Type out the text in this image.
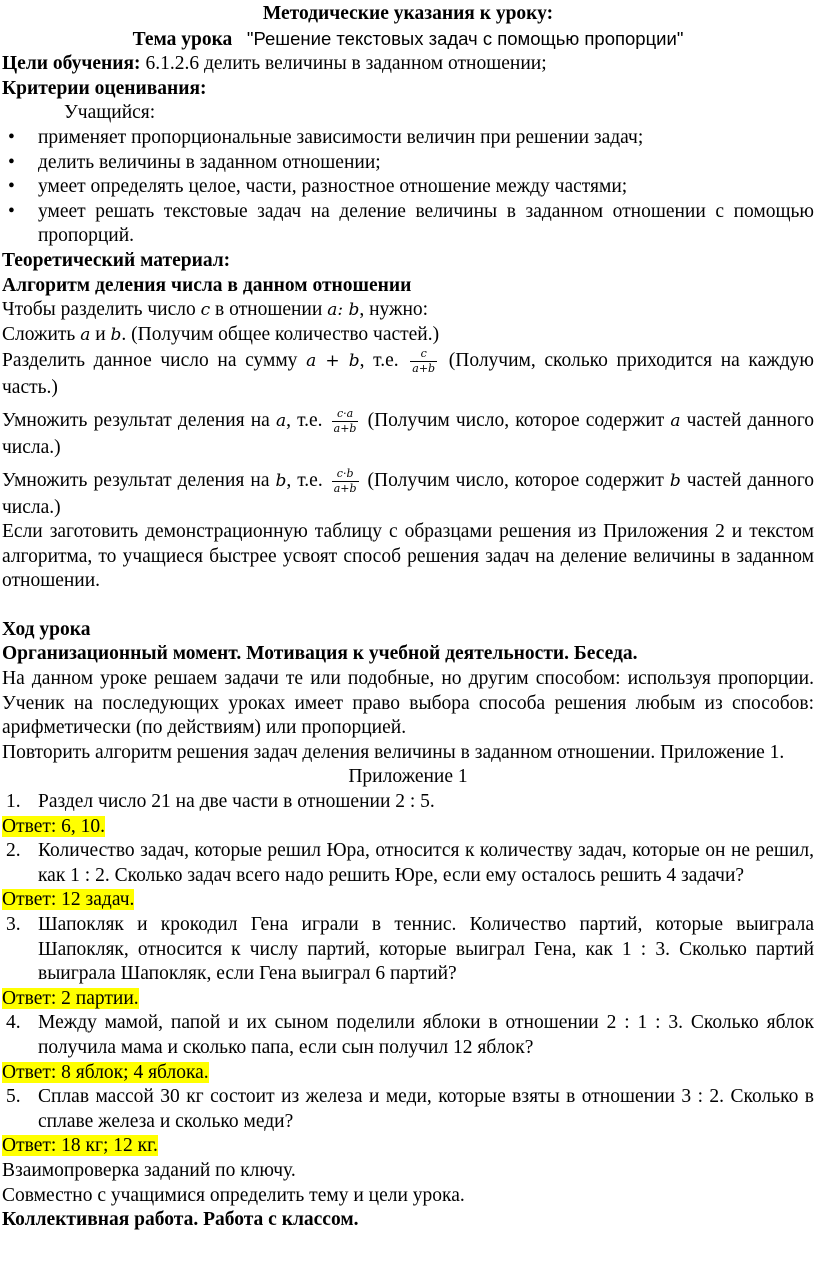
Методические указания к уроку:

Тема урока "Решение текстовых задач с помощью пропорции"

Цели обучения: 6.1.2.6 делить величины в заданном отношении;

Критерии оценивания:

Учащийся:

• применяет пропорциональные зависимости величин при решении задач;
• делить величины в заданном отношении;
• умеет определять целое, части, разностное отношение между частями;
• умеет решать текстовые задач на деление величины в заданном отношении с помощью пропорций.

Теоретический материал:

Алгоритм деления числа в данном отношении

Чтобы разделить число c в отношении a: b, нужно:

Сложить a и b. (Получим общее количество частей.)

Разделить данное число на сумму a + b, т.е. $\frac{c}{a+b}$ (Получим, сколько приходится на каждую часть.)

Умножить результат деления на a, т.е. $\frac{c\cdot a}{a+b}$ (Получим число, которое содержит a частей данного числа.)

Умножить результат деления на b, т.е. $\frac{c\cdot b}{a+b}$ (Получим число, которое содержит b частей данного числа.)

Если заготовить демонстрационную таблицу с образцами решения из Приложения 2 и текстом алгоритма, то учащиеся быстрее усвоят способ решения задач на деление величины в заданном отношении.

Ход урока

Организационный момент. Мотивация к учебной деятельности. Беседа.

На данном уроке решаем задачи те или подобные, но другим способом: используя пропорции. Ученик на последующих уроках имеет право выбора способа решения любым из способов: арифметически (по действиям) или пропорцией.

Повторить алгоритм решения задач деления величины в заданном отношении. Приложение 1.

Приложение 1

1. Раздел число 21 на две части в отношении 2 : 5.

Ответ: 6, 10.

2. Количество задач, которые решил Юра, относится к количеству задач, которые он не решил, как 1 : 2. Сколько задач всего надо решить Юре, если ему осталось решить 4 задачи?

Ответ: 12 задач.

3. Шапокляк и крокодил Гена играли в теннис. Количество партий, которые выиграла Шапокляк, относится к числу партий, которые выиграл Гена, как 1 : 3. Сколько партий выиграла Шапокляк, если Гена выиграл 6 партий?

Ответ: 2 партии.

4. Между мамой, папой и их сыном поделили яблоки в отношении 2 : 1 : 3. Сколько яблок получила мама и сколько папа, если сын получил 12 яблок?

Ответ: 8 яблок; 4 яблока.

5. Сплав массой 30 кг состоит из железа и меди, которые взяты в отношении 3 : 2. Сколько в сплаве железа и сколько меди?

Ответ: 18 кг; 12 кг.

Взаимопроверка заданий по ключу.

Совместно с учащимися определить тему и цели урока.

Коллективная работа. Работа с классом.
